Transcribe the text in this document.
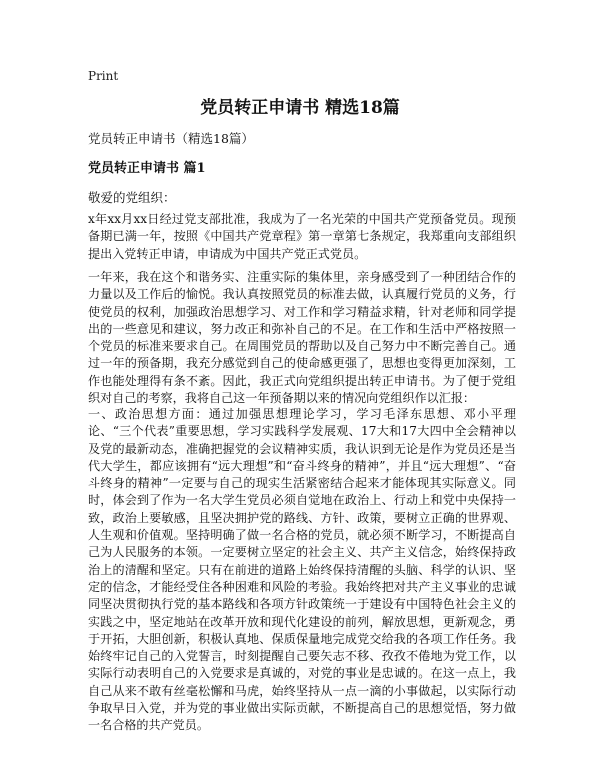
Print
党员转正申请书 精选18篇
党员转正申请书（精选18篇）
党员转正申请书 篇1
敬爱的党组织：

x年xx月xx日经过党支部批准，我成为了一名光荣的中国共产党预备党员。现预备期已满一年，按照《中国共产党章程》第一章第七条规定，我郑重向支部组织提出入党转正申请，申请成为中国共产党正式党员。

一年来，我在这个和谐务实、注重实际的集体里，亲身感受到了一种团结合作的力量以及工作后的愉悦。我认真按照党员的标准去做，认真履行党员的义务，行使党员的权利，加强政治思想学习、对工作和学习精益求精，针对老师和同学提出的一些意见和建议，努力改正和弥补自己的不足。在工作和生活中严格按照一个党员的标准来要求自己。在周围党员的帮助以及自己努力中不断完善自己。通过一年的预备期，我充分感觉到自己的使命感更强了，思想也变得更加深刻，工作也能处理得有条不紊。因此，我正式向党组织提出转正申请书。为了便于党组织对自己的考察，我将自己这一年预备期以来的情况向党组织作以汇报：

一、政治思想方面：通过加强思想理论学习，学习毛泽东思想、邓小平理论、“三个代表”重要思想，学习实践科学发展观、17大和17大四中全会精神以及党的最新动态，准确把握党的会议精神实质，我认识到无论是作为党员还是当代大学生，都应该拥有“远大理想”和“奋斗终身的精神”，并且“远大理想”、“奋斗终身的精神”一定要与自己的现实生活紧密结合起来才能体现其实际意义。同时，体会到了作为一名大学生党员必须自觉地在政治上、行动上和党中央保持一致，政治上要敏感，且坚决拥护党的路线、方针、政策，要树立正确的世界观、人生观和价值观。坚持明确了做一名合格的党员，就必须不断学习，不断提高自己为人民服务的本领。一定要树立坚定的社会主义、共产主义信念，始终保持政治上的清醒和坚定。只有在前进的道路上始终保持清醒的头脑、科学的认识、坚定的信念，才能经受住各种困难和风险的考验。我始终把对共产主义事业的忠诚同坚决贯彻执行党的基本路线和各项方针政策统一于建设有中国特色社会主义的实践之中，坚定地站在改革开放和现代化建设的前列，解放思想，更新观念，勇于开拓，大胆创新，积极认真地、保质保量地完成党交给我的各项工作任务。我始终牢记自己的入党誓言，时刻提醒自己要矢志不移、孜孜不倦地为党工作，以实际行动表明自己的入党要求是真诚的，对党的事业是忠诚的。在这一点上，我自己从来不敢有丝毫松懈和马虎，始终坚持从一点一滴的小事做起，以实际行动争取早日入党，并为党的事业做出实际贡献，不断提高自己的思想觉悟，努力做一名合格的共产党员。
